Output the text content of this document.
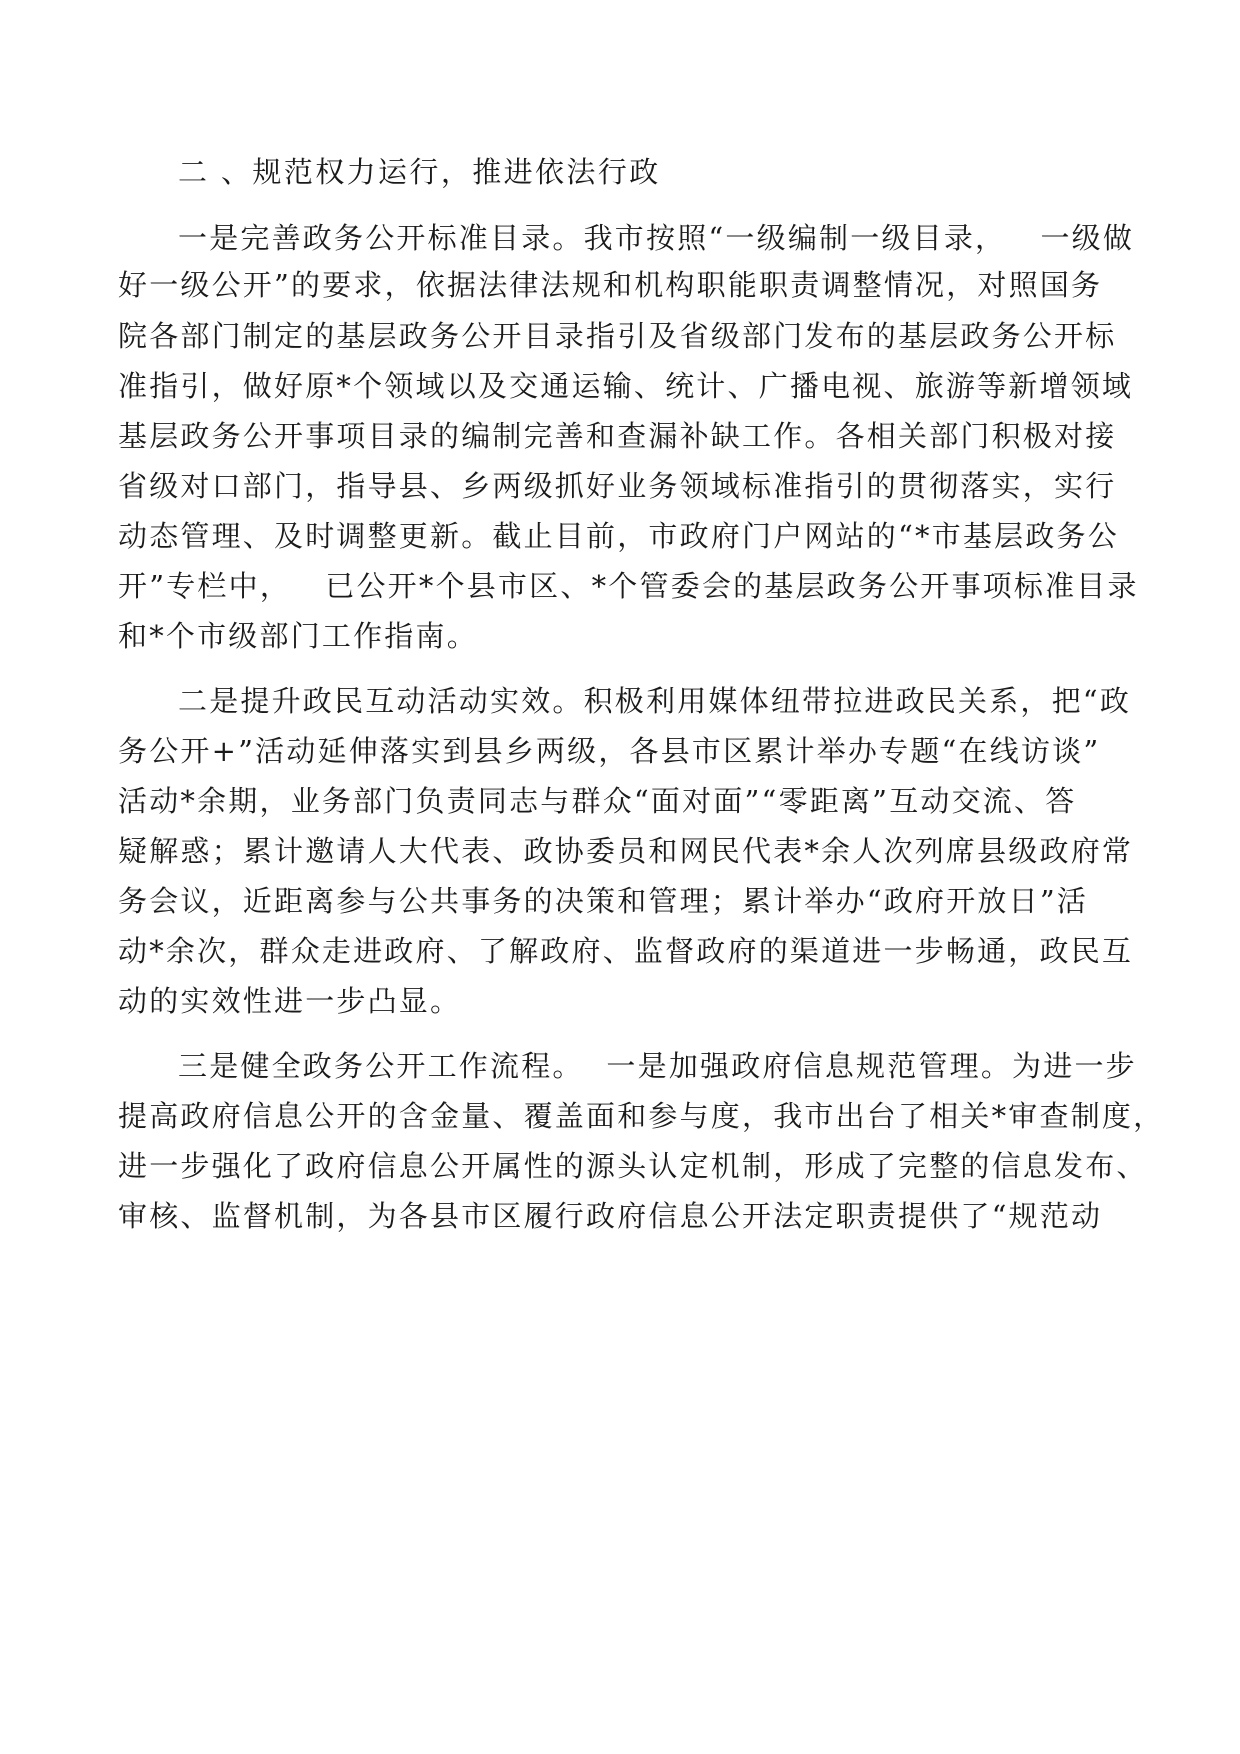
二 、规范权力运行，推进依法行政
一是完善政务公开标准目录。我市按照“一级编制一级目录，   一级做
好一级公开”的要求，依据法律法规和机构职能职责调整情况，对照国务
院各部门制定的基层政务公开目录指引及省级部门发布的基层政务公开标
准指引，做好原*个领域以及交通运输、统计、广播电视、旅游等新增领域
基层政务公开事项目录的编制完善和查漏补缺工作。各相关部门积极对接
省级对口部门，指导县、乡两级抓好业务领域标准指引的贯彻落实，实行
动态管理、及时调整更新。截止目前，市政府门户网站的“*市基层政务公
开”专栏中，   已公开*个县市区、*个管委会的基层政务公开事项标准目录
和*个市级部门工作指南。
二是提升政民互动活动实效。积极利用媒体纽带拉进政民关系，把“政
务公开+”活动延伸落实到县乡两级，各县市区累计举办专题“在线访谈”
活动*余期，业务部门负责同志与群众“面对面”“零距离”互动交流、答
疑解惑；累计邀请人大代表、政协委员和网民代表*余人次列席县级政府常
务会议，近距离参与公共事务的决策和管理；累计举办“政府开放日”活
动*余次，群众走进政府、了解政府、监督政府的渠道进一步畅通，政民互
动的实效性进一步凸显。
三是健全政务公开工作流程。  一是加强政府信息规范管理。为进一步
提高政府信息公开的含金量、覆盖面和参与度，我市出台了相关*审查制度，
进一步强化了政府信息公开属性的源头认定机制，形成了完整的信息发布、
审核、监督机制，为各县市区履行政府信息公开法定职责提供了“规范动
